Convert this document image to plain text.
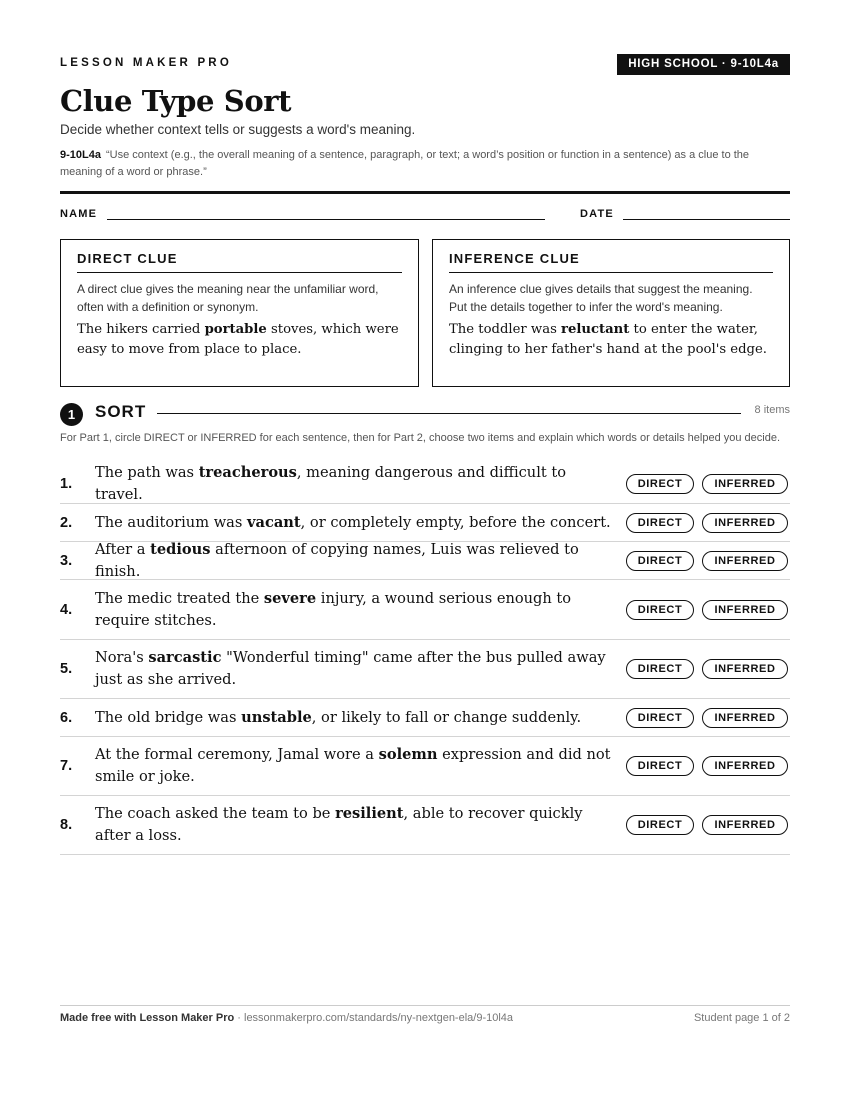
LESSON MAKER PRO	HIGH SCHOOL · 9-10L4a
Clue Type Sort
Decide whether context tells or suggests a word's meaning.
9-10L4a “Use context (e.g., the overall meaning of a sentence, paragraph, or text; a word’s position or function in a sentence) as a clue to the meaning of a word or phrase.”
NAME	DATE
DIRECT CLUE
A direct clue gives the meaning near the unfamiliar word, often with a definition or synonym.
The hikers carried portable stoves, which were easy to move from place to place.
INFERENCE CLUE
An inference clue gives details that suggest the meaning. Put the details together to infer the word's meaning.
The toddler was reluctant to enter the water, clinging to her father's hand at the pool's edge.
1	SORT	8 items
For Part 1, circle DIRECT or INFERRED for each sentence, then for Part 2, choose two items and explain which words or details helped you decide.
1.
The path was treacherous, meaning dangerous and difficult to travel.
DIRECT	INFERRED
2.	The auditorium was vacant, or completely empty, before the concert.	DIRECT	INFERRED
3.
After a tedious afternoon of copying names, Luis was relieved to finish.
DIRECT	INFERRED
4.
The medic treated the severe injury, a wound serious enough to require stitches.
DIRECT	INFERRED
5.
Nora's sarcastic "Wonderful timing" came after the bus pulled away just as she arrived.
DIRECT	INFERRED
6.	The old bridge was unstable, or likely to fall or change suddenly.	DIRECT	INFERRED
7.
At the formal ceremony, Jamal wore a solemn expression and did not smile or joke.
DIRECT	INFERRED
8.
The coach asked the team to be resilient, able to recover quickly after a loss.
DIRECT	INFERRED
Made free with Lesson Maker Pro · lessonmakerpro.com/standards/ny-nextgen-ela/9-10l4a	Student page 1 of 2
